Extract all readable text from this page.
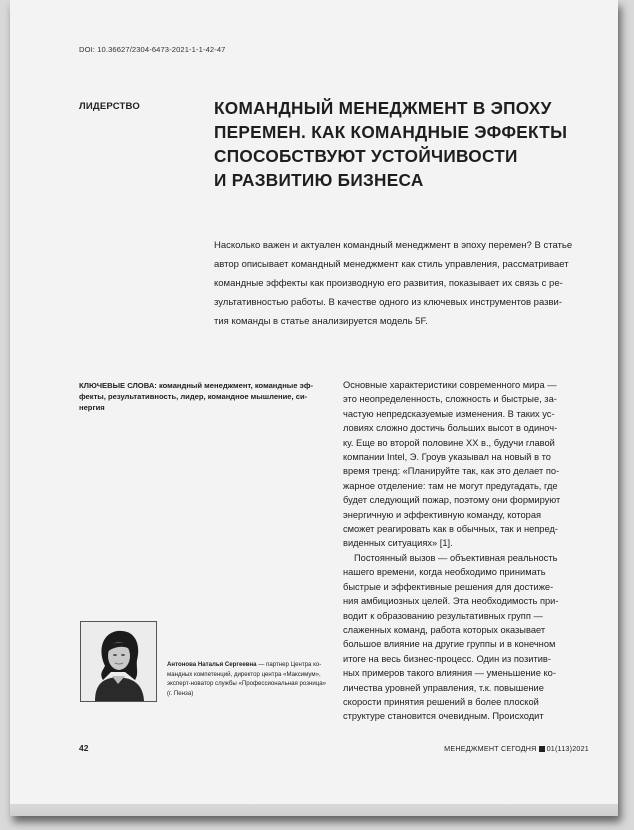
DOI: 10.36627/2304-6473-2021-1-1-42-47
ЛИДЕРСТВО	КОМАНДНЫЙ МЕНЕДЖМЕНТ В ЭПОХУ
ПЕРЕМЕН. КАК КОМАНДНЫЕ ЭФФЕКТЫ
СПОСОБСТВУЮТ УСТОЙЧИВОСТИ
И РАЗВИТИЮ БИЗНЕСА
Насколько важен и актуален командный менеджмент в эпоху перемен? В статье
автор описывает командный менеджмент как стиль управления, рассматривает
командные эффекты как производную его развития, показывает их связь с ре-
зультативностью работы. В качестве одного из ключевых инструментов разви-
тия команды в статье анализируется модель 5F.
КЛЮЧЕВЫЕ СЛОВА: командный менеджмент, командные эф-
фекты, результативность, лидер, командное мышление, си-
нергия
Основные характеристики современного мира —
это неопределенность, сложность и быстрые, за-
частую непредсказуемые изменения. В таких ус-
ловиях сложно достичь больших высот в одиноч-
ку. Еще во второй половине XX в., будучи главой
компании Intel, Э. Гроув указывал на новый в то
время тренд: «Планируйте так, как это делает по-
жарное отделение: там не могут предугадать, где
будет следующий пожар, поэтому они формируют
энергичную и эффективную команду, которая
сможет реагировать как в обычных, так и непред-
виденных ситуациях» [1].
Постоянный вызов — объективная реальность
нашего времени, когда необходимо принимать
быстрые и эффективные решения для достиже-
ния амбициозных целей. Эта необходимость при-
водит к образованию результативных групп —
слаженных команд, работа которых оказывает
большое влияние на другие группы и в конечном
итоге на весь бизнес-процесс. Один из позитив-
ных примеров такого влияния — уменьшение ко-
личества уровней управления, т.к. повышение
скорости принятия решений в более плоской
структуре становится очевидным. Происходит
Антонова Наталья Сергеевна — партнер Центра ко-
мандных компетенций, директор центра «Максимум»,
эксперт-новатор службы «Профессиональная розница»
(г. Пенза)
42	МЕНЕДЖМЕНТ СЕГОДНЯ 01(113)2021
